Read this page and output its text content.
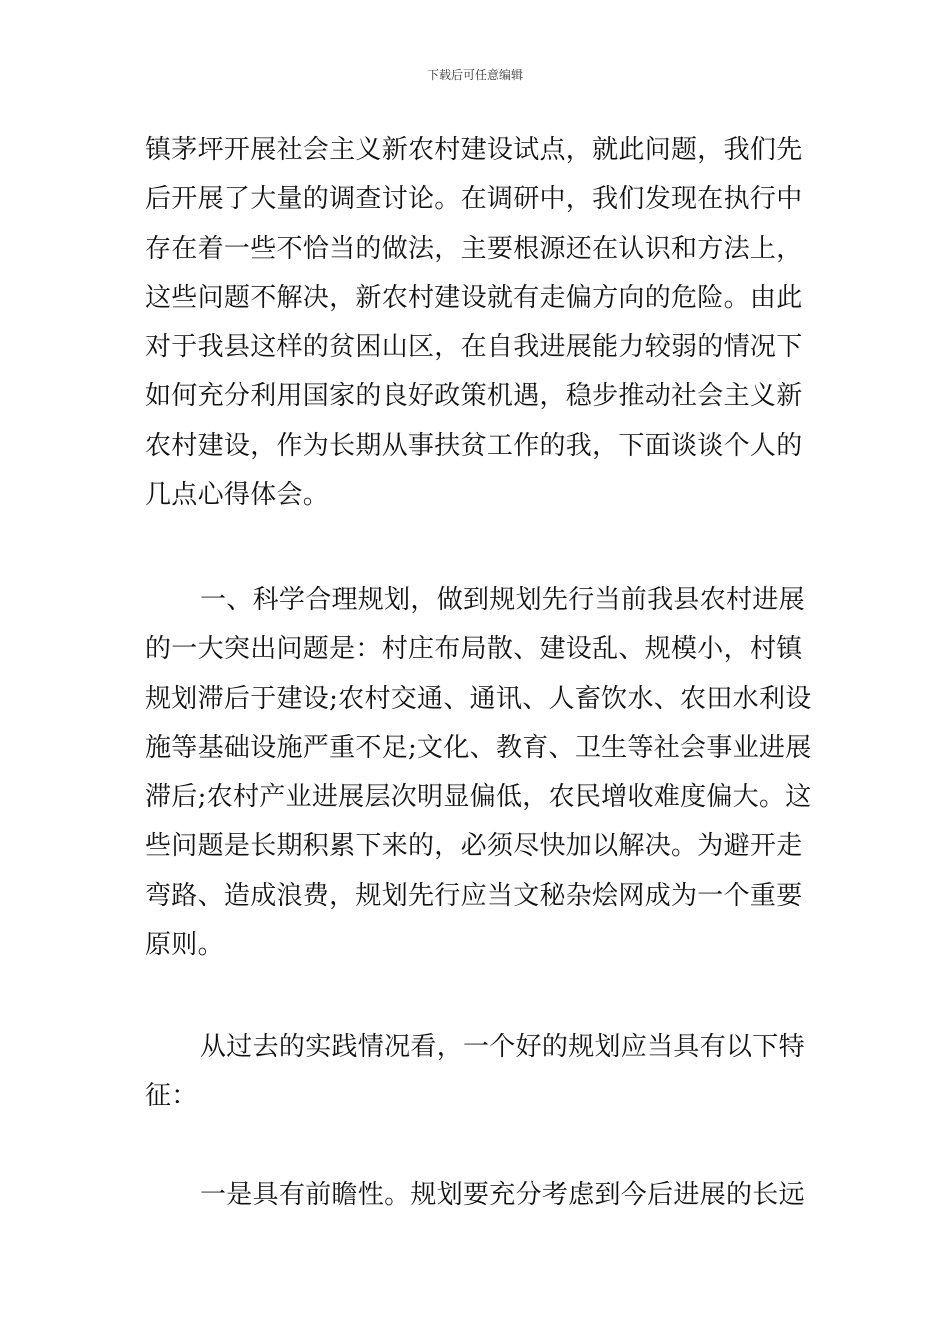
下载后可任意编辑
镇茅坪开展社会主义新农村建设试点，就此问题，我们先
后开展了大量的调查讨论。在调研中，我们发现在执行中
存在着一些不恰当的做法，主要根源还在认识和方法上，
这些问题不解决，新农村建设就有走偏方向的危险。由此
对于我县这样的贫困山区，在自我进展能力较弱的情况下
如何充分利用国家的良好政策机遇，稳步推动社会主义新
农村建设，作为长期从事扶贫工作的我，下面谈谈个人的
几点心得体会。
一、科学合理规划，做到规划先行当前我县农村进展
的一大突出问题是：村庄布局散、建设乱、规模小，村镇
规划滞后于建设;农村交通、通讯、人畜饮水、农田水利设
施等基础设施严重不足;文化、教育、卫生等社会事业进展
滞后;农村产业进展层次明显偏低，农民增收难度偏大。这
些问题是长期积累下来的，必须尽快加以解决。为避开走
弯路、造成浪费，规划先行应当文秘杂烩网成为一个重要
原则。
从过去的实践情况看，一个好的规划应当具有以下特
征：
一是具有前瞻性。规划要充分考虑到今后进展的长远
